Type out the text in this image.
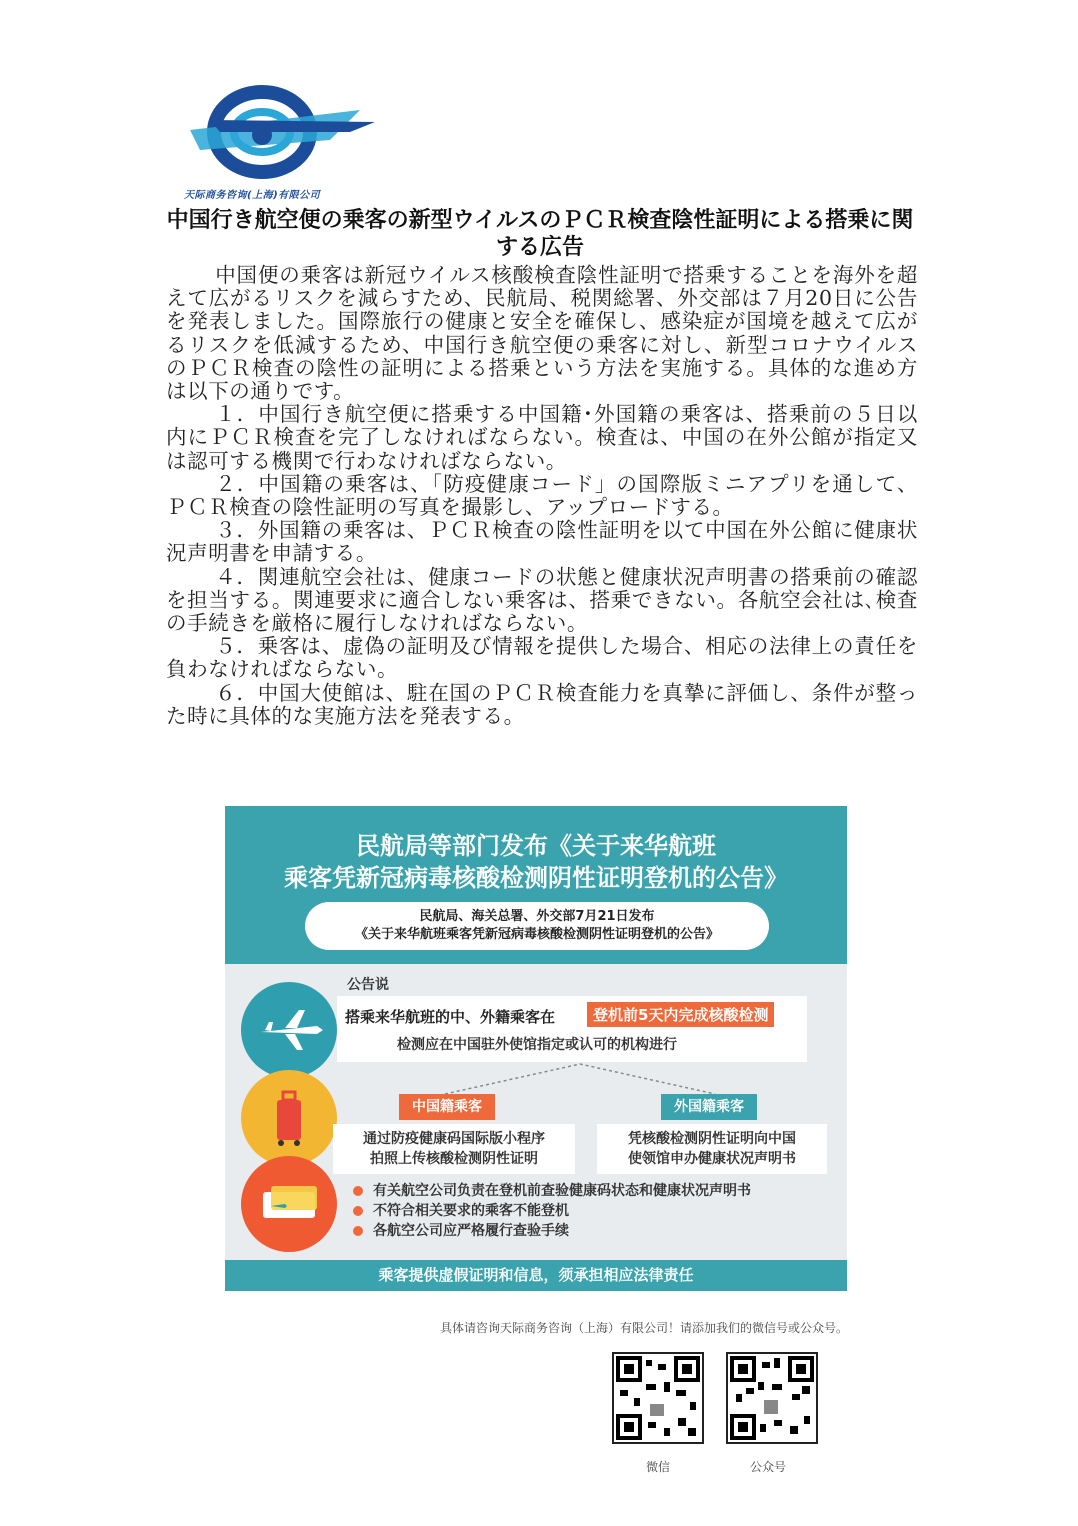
天际商务咨询(上海)有限公司
中国行き航空便の乗客の新型ウイルスのＰＣＲ検査陰性証明による搭乗に関する広告

中国便の乗客は新冠ウイルス核酸検査陰性証明で搭乗することを海外を超えて広がるリスクを減らすため、民航局、税関総署、外交部は７月20日に公告を発表しました。国際旅行の健康と安全を確保し、感染症が国境を越えて広がるリスクを低減するため、中国行き航空便の乗客に対し、新型コロナウイルスのＰＣＲ検査の陰性の証明による搭乗という方法を実施する。具体的な進め方は以下の通りです。

１．中国行き航空便に搭乗する中国籍･外国籍の乗客は、搭乗前の５日以内にＰＣＲ検査を完了しなければならない。検査は、中国の在外公館が指定又は認可する機関で行わなければならない。

２．中国籍の乗客は、「防疫健康コード」の国際版ミニアプリを通して、ＰＣＲ検査の陰性証明の写真を撮影し、アップロードする。

３．外国籍の乗客は、ＰＣＲ検査の陰性証明を以て中国在外公館に健康状況声明書を申請する。

４．関連航空会社は、健康コードの状態と健康状況声明書の搭乗前の確認を担当する。関連要求に適合しない乗客は、搭乗できない。各航空会社は､検査の手続きを厳格に履行しなければならない。

５．乗客は、虚偽の証明及び情報を提供した場合、相応の法律上の責任を負わなければならない。

６．中国大使館は、駐在国のＰＣＲ検査能力を真摯に評価し、条件が整った時に具体的な実施方法を発表する。

民航局等部门发布《关于来华航班
乘客凭新冠病毒核酸检测阴性证明登机的公告》
民航局、海关总署、外交部7月21日发布
《关于来华航班乘客凭新冠病毒核酸检测阴性证明登机的公告》
公告说
搭乘来华航班的中、外籍乘客在	登机前5天内完成核酸检测
检测应在中国驻外使馆指定或认可的机构进行
中国籍乘客	外国籍乘客
通过防疫健康码国际版小程序
拍照上传核酸检测阴性证明
凭核酸检测阴性证明向中国
使领馆申办健康状况声明书
有关航空公司负责在登机前查验健康码状态和健康状况声明书
不符合相关要求的乘客不能登机
各航空公司应严格履行查验手续
乘客提供虚假证明和信息，须承担相应法律责任
具体请咨询天际商务咨询（上海）有限公司！请添加我们的微信号或公众号。
微信	公众号
